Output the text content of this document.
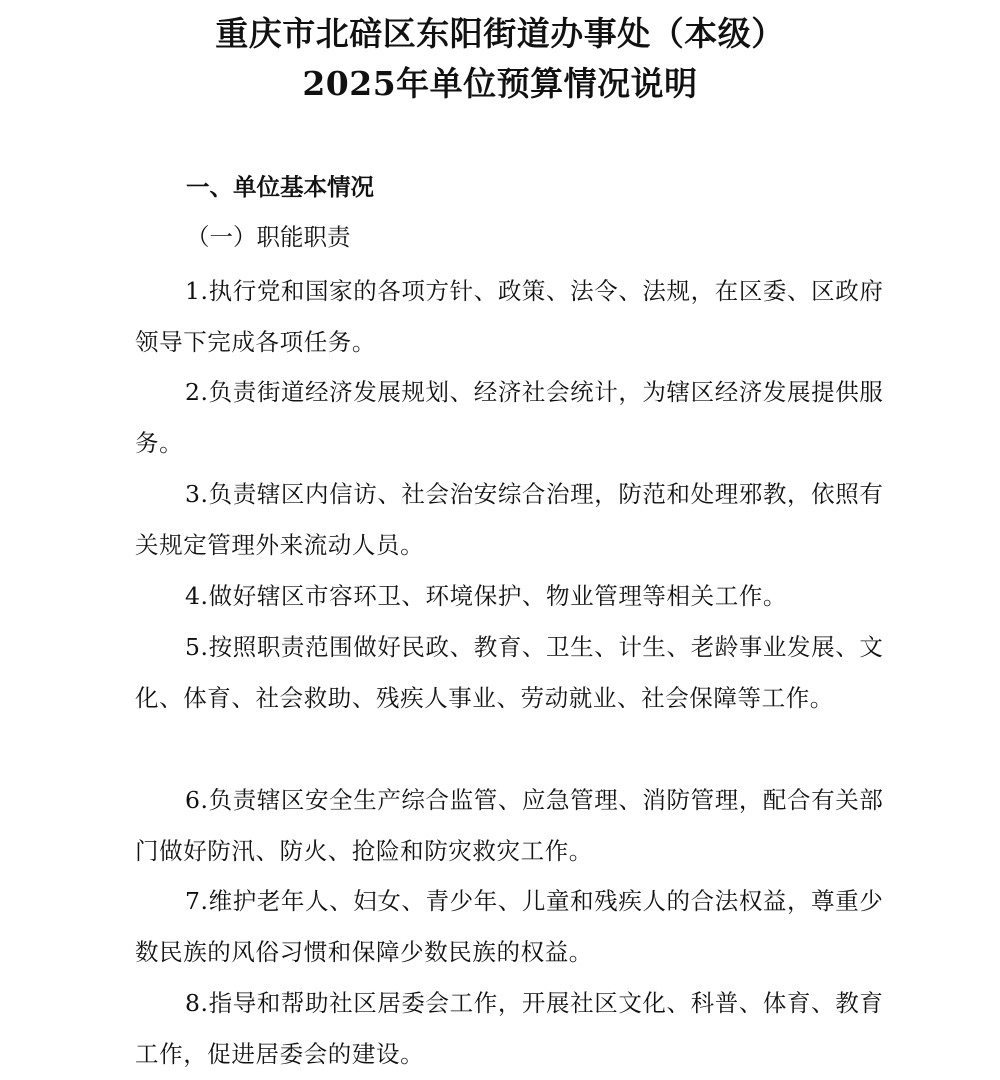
重庆市北碚区东阳街道办事处（本级）
2025年单位预算情况说明
一、单位基本情况
（一）职能职责

1.执行党和国家的各项方针、政策、法令、法规，在区委、区政府领导下完成各项任务。

2.负责街道经济发展规划、经济社会统计，为辖区经济发展提供服务。

3.负责辖区内信访、社会治安综合治理，防范和处理邪教，依照有关规定管理外来流动人员。

4.做好辖区市容环卫、环境保护、物业管理等相关工作。

5.按照职责范围做好民政、教育、卫生、计生、老龄事业发展、文化、体育、社会救助、残疾人事业、劳动就业、社会保障等工作。

6.负责辖区安全生产综合监管、应急管理、消防管理，配合有关部门做好防汛、防火、抢险和防灾救灾工作。

7.维护老年人、妇女、青少年、儿童和残疾人的合法权益，尊重少数民族的风俗习惯和保障少数民族的权益。

8.指导和帮助社区居委会工作，开展社区文化、科普、体育、教育工作，促进居委会的建设。
